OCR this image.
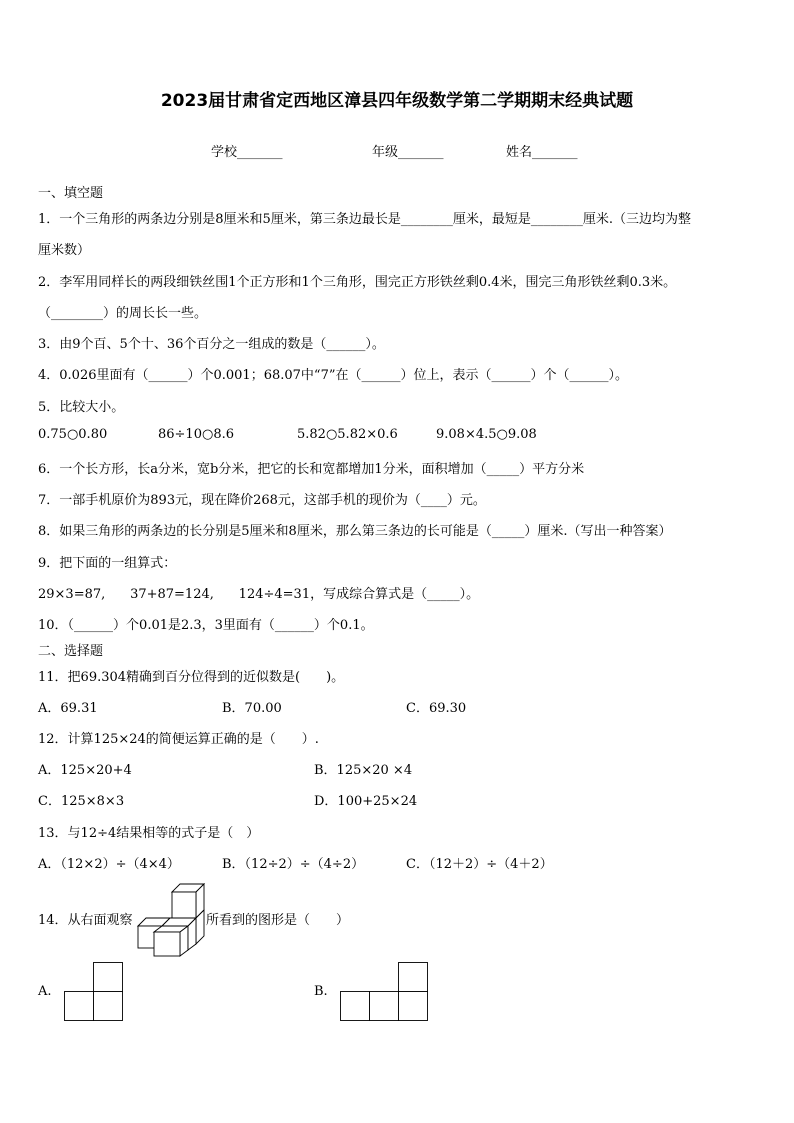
2023届甘肃省定西地区漳县四年级数学第二学期期末经典试题
学校_______	年级_______	姓名_______
一、填空题
1．一个三角形的两条边分别是8厘米和5厘米，第三条边最长是________厘米，最短是________厘米.（三边均为整
厘米数）
2．李军用同样长的两段细铁丝围1个正方形和1个三角形，围完正方形铁丝剩0.4米，围完三角形铁丝剩0.3米。
（________）的周长长一些。
3．由9个百、5个十、36个百分之一组成的数是（______）。
4．0.026里面有（______）个0.001；68.07中“7”在（______）位上，表示（______）个（______）。
5．比较大小。
0.75○0.80	86÷10○8.6	5.82○5.82×0.6	9.08×4.5○9.08
6．一个长方形，长a分米，宽b分米，把它的长和宽都增加1分米，面积增加（_____）平方分米
7．一部手机原价为893元，现在降价268元，这部手机的现价为（____）元。
8．如果三角形的两条边的长分别是5厘米和8厘米，那么第三条边的长可能是（_____）厘米.（写出一种答案）
9．把下面的一组算式：
29×3=87,      37+87=124,      124÷4=31，写成综合算式是（_____）。
10．（______）个0.01是2.3，3里面有（______）个0.1。
二、选择题
11．把69.304精确到百分位得到的近似数是(　　)。
A．69.31	B．70.00	C．69.30
12．计算125×24的简便运算正确的是（　　）.
A．125×20+4	B．125×20 ×4
C．125×8×3	D．100+25×24
13．与12÷4结果相等的式子是（　）
A．（12×2）÷（4×4）	B．（12÷2）÷（4÷2）	C．（12＋2）÷（4＋2）
14．从右面观察	所看到的图形是（　　）
A.	B.
